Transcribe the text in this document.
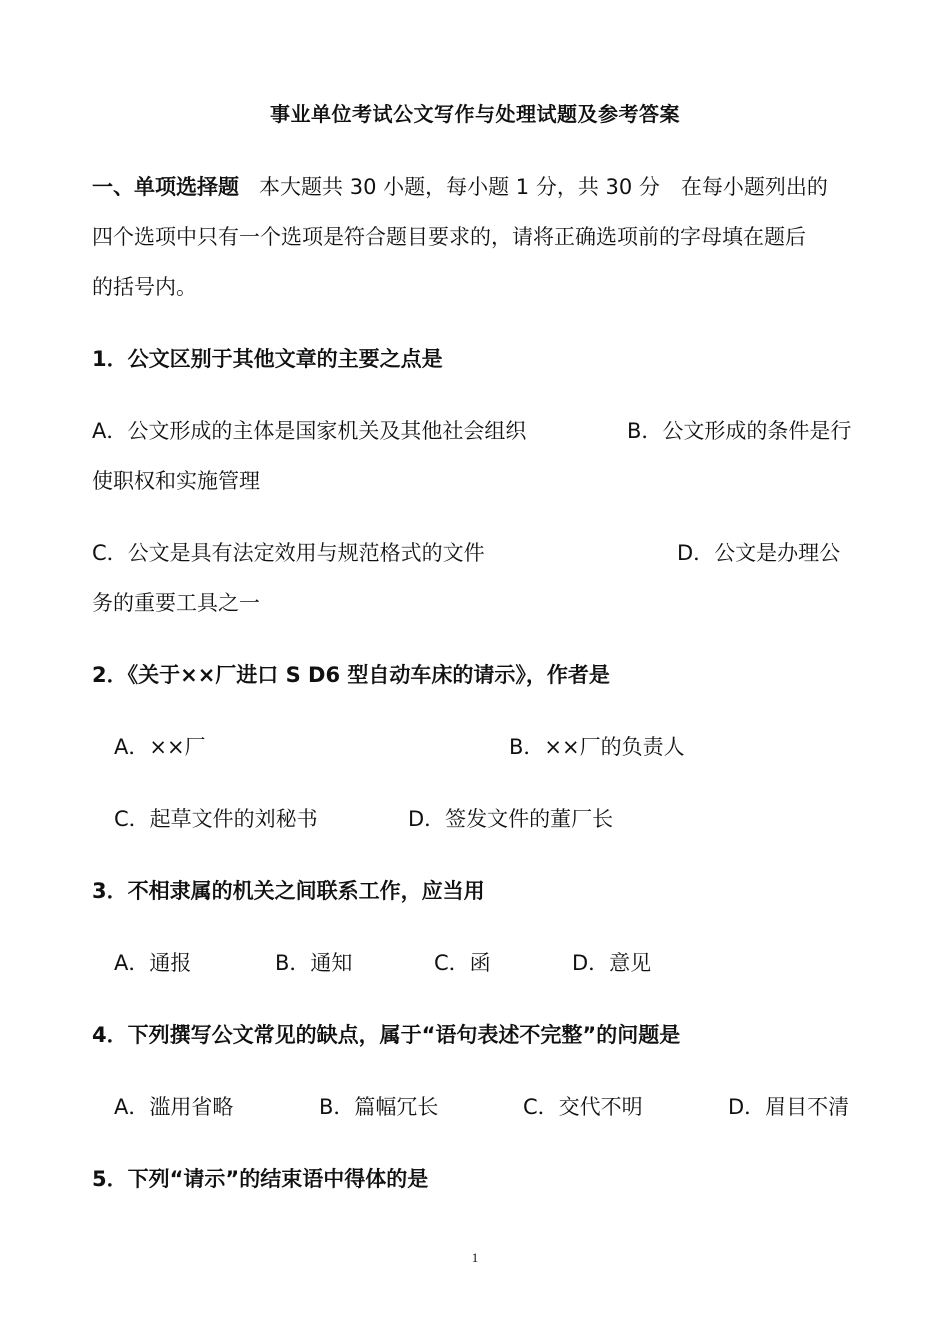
事业单位考试公文写作与处理试题及参考答案
一、单项选择题 本大题共 30 小题，每小题 1 分，共 30 分　在每小题列出的
四个选项中只有一个选项是符合题目要求的，请将正确选项前的字母填在题后
的括号内。
1．公文区别于其他文章的主要之点是
A．公文形成的主体是国家机关及其他社会组织	B．公文形成的条件是行
使职权和实施管理
C．公文是具有法定效用与规范格式的文件	D．公文是办理公
务的重要工具之一
2．《关于××厂进口 S D6 型自动车床的请示》，作者是
A．××厂	B．××厂的负责人
C．起草文件的刘秘书	D．签发文件的董厂长
3．不相隶属的机关之间联系工作，应当用
A．通报	B．通知	C．函	D．意见
4．下列撰写公文常见的缺点，属于“语句表述不完整”的问题是
A．滥用省略	B．篇幅冗长	C．交代不明	D．眉目不清
5．下列“请示”的结束语中得体的是
1
